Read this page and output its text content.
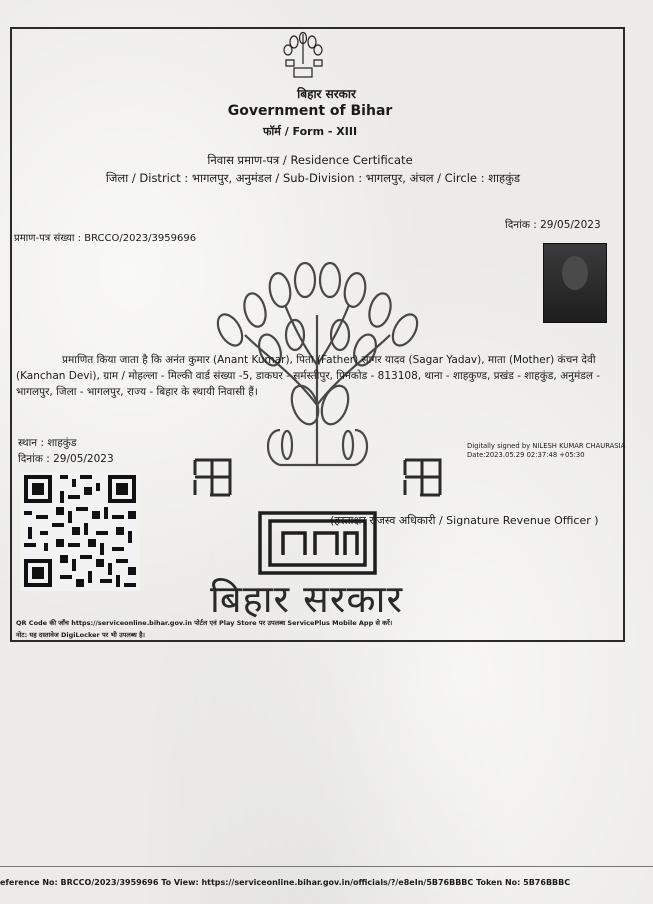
बिहार सरकार
Government of Bihar
फॉर्म / Form - XIII
निवास प्रमाण-पत्र / Residence Certificate
जिला / District : भागलपुर, अनुमंडल / Sub-Division : भागलपुर, अंचल / Circle : शाहकुंड
दिनांक : 29/05/2023
प्रमाण-पत्र संख्या : BRCCO/2023/3959696
बिहार सरकार
प्रमाणित किया जाता है कि अनंत कुमार (Anant Kumar), पिता (Father) सागर यादव (Sagar Yadav), माता (Mother) कंचन देवी (Kanchan Devi), ग्राम / मोहल्ला - मिल्की वार्ड संख्या -5, डाकघर - सर्मस्तीपुर, पिनकोड - 813108, थाना - शाहकुण्ड, प्रखंड - शाहकुंड, अनुमंडल - भागलपुर, जिला - भागलपुर, राज्य - बिहार के स्थायी निवासी हैं।
स्थान : शाहकुंड
दिनांक : 29/05/2023
Digitally signed by NILESH KUMAR CHAURASIA
Date:2023.05.29 02:37:48 +05:30
(हस्ताक्षर राजस्व अधिकारी / Signature Revenue Officer )
QR Code की जाँच https://serviceonline.bihar.gov.in पोर्टल एवं Play Store पर उपलब्ध ServicePlus Mobile App से करें।
नोट: यह दस्तावेज DigiLocker पर भी उपलब्ध है।
eference No: BRCCO/2023/3959696 To View: https://serviceonline.bihar.gov.in/officials/?/e8eIn/5B76BBBC Token No: 5B76BBBC
